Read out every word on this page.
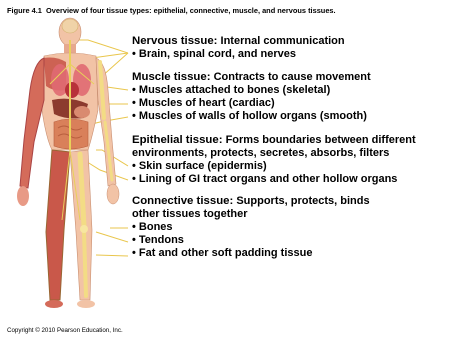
Figure 4.1 Overview of four tissue types: epithelial, connective, muscle, and nervous tissues.
Nervous tissue: Internal communication
• Brain, spinal cord, and nerves
Muscle tissue: Contracts to cause movement
• Muscles attached to bones (skeletal)
• Muscles of heart (cardiac)
• Muscles of walls of hollow organs (smooth)
Epithelial tissue: Forms boundaries between different
environments, protects, secretes, absorbs, filters
• Skin surface (epidermis)
• Lining of GI tract organs and other hollow organs
Connective tissue: Supports, protects, binds
other tissues together
• Bones
• Tendons
• Fat and other soft padding tissue
Copyright © 2010 Pearson Education, Inc.
